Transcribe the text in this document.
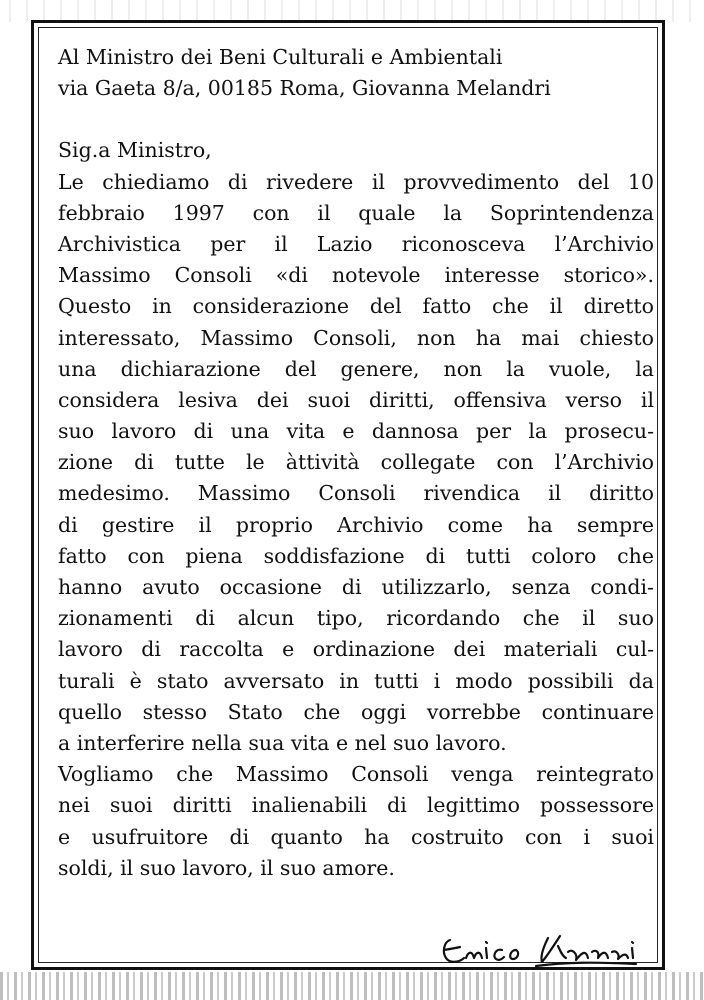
Al Ministro dei Beni Culturali e Ambientali
via Gaeta 8/a, 00185 Roma, Giovanna Melandri
Sig.a Ministro,
Le chiediamo di rivedere il provvedimento del 10
febbraio 1997 con il quale la Soprintendenza
Archivistica per il Lazio riconosceva l’Archivio
Massimo Consoli «di notevole interesse storico».
Questo in considerazione del fatto che il diretto
interessato, Massimo Consoli, non ha mai chiesto
una dichiarazione del genere, non la vuole, la
considera lesiva dei suoi diritti, offensiva verso il
suo lavoro di una vita e dannosa per la prosecu-
zione di tutte le àttività collegate con l’Archivio
medesimo. Massimo Consoli rivendica il diritto
di gestire il proprio Archivio come ha sempre
fatto con piena soddisfazione di tutti coloro che
hanno avuto occasione di utilizzarlo, senza condi-
zionamenti di alcun tipo, ricordando che il suo
lavoro di raccolta e ordinazione dei materiali cul-
turali è stato avversato in tutti i modo possibili da
quello stesso Stato che oggi vorrebbe continuare
a interferire nella sua vita e nel suo lavoro.
Vogliamo che Massimo Consoli venga reintegrato
nei suoi diritti inalienabili di legittimo possessore
e usufruitore di quanto ha costruito con i suoi
soldi, il suo lavoro, il suo amore.
